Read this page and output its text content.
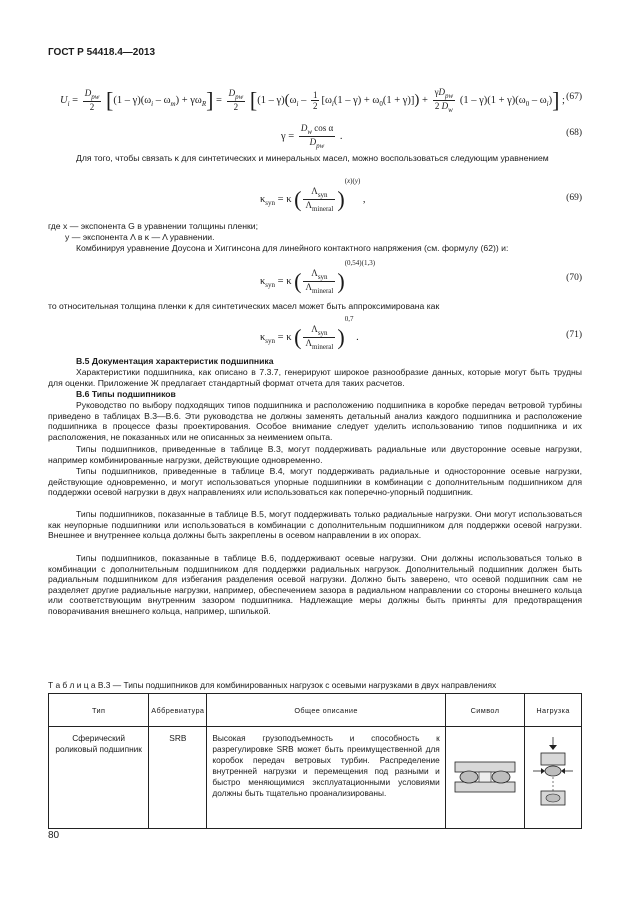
ГОСТ Р 54418.4—2013
$U_i = \frac{D_{pw}}{2} [(1 - \gamma)(\omega_i - \omega_m) + \gamma\omega_R] = \frac{D_{pw}}{2} [(1 - \gamma)(\omega_i - \frac{1}{2} [\omega_i(1 - \gamma) + \omega_0(1 + \gamma)]) + \frac{\gamma D_{pw}}{2 D_w} (1 - \gamma)(1 + \gamma)(\omega_0 - \omega_i)]$ ; (67)
$\gamma = \frac{D_w \cos \alpha}{D_{pw}}$ .	(68)
Для того, чтобы связать κ для синтетических и минеральных масел, можно воспользоваться следующим уравнением
$\kappa_{syn} = \kappa$ ( $\frac{\Lambda_{syn}}{\Lambda_{mineral}} )^{(x)(y)}$ ,	(69)
где x — экспонента G в уравнении толщины пленки;
y — экспонента Λ в κ — Λ уравнении.
Комбинируя уравнение Доусона и Хиггинсона для линейного контактного напряжения (см. формулу (62)) и:
$\kappa_{syn} = \kappa$ ( $\frac{\Lambda_{syn}}{\Lambda_{mineral}} )^{(0,54)(1,3)}$
(70)
то относительная толщина пленки κ для синтетических масел может быть аппроксимирована как
$\kappa_{syn} = \kappa$ ( $\frac{\Lambda_{syn}}{\Lambda_{mineral}} )^{0,7}$ .	(71)
В.5 Документация характеристик подшипника
Характеристики подшипника, как описано в 7.3.7, генерируют широкое разнообразие данных, которые могут быть трудны для оценки. Приложение Ж предлагает стандартный формат отчета для таких расчетов.
В.6 Типы подшипников
Руководство по выбору подходящих типов подшипника и расположению подшипника в коробке передач ветровой турбины приведено в таблицах В.3—В.6. Эти руководства не должны заменять детальный анализ каждого подшипника и расположение подшипника в процессе фазы проектирования. Особое внимание следует уделить использованию типов подшипника и их расположения, не показанных или не описанных за неимением опыта.
Типы подшипников, приведенные в таблице В.3, могут поддерживать радиальные или двусторонние осевые нагрузки, например комбинированные нагрузки, действующие одновременно.
Типы подшипников, приведенные в таблице В.4, могут поддерживать радиальные и односторонние осевые нагрузки, действующие одновременно, и могут использоваться упорные подшипники в комбинации с дополнительным подшипником для поддержки осевой нагрузки в двух направлениях или использоваться как поперечно-упорный подшипник.
Типы подшипников, показанные в таблице В.5, могут поддерживать только радиальные нагрузки. Они могут использоваться как неупорные подшипники или использоваться в комбинации с дополнительным подшипником для поддержки осевой нагрузки. Внешнее и внутреннее кольца должны быть закреплены в осевом направлении в их опорах.
Типы подшипников, показанные в таблице В.6, поддерживают осевые нагрузки. Они должны использоваться только в комбинации с дополнительным подшипником для поддержки радиальных нагрузок. Дополнительный подшипник должен быть радиальным подшипником для избегания разделения осевой нагрузки. Должно быть заверено, что осевой подшипник сам не разделяет другие радиальные нагрузки, например, обеспечением зазора в радиальном направлении со стороны внешнего кольца или соответствующим внутренним зазором подшипника. Надлежащие меры должны быть приняты для предотвращения поворачивания внешнего кольца, например, шпилькой.
Т а б л и ц а В.3 — Типы подшипников для комбинированных нагрузок с осевыми нагрузками в двух направлениях
Тип	Аббревиатура	Общее описание	Символ	Нагрузка
Сферический роликовый подшипник	SRB	Высокая грузоподъемность и способность к разрегулировке SRB может быть преимущественной для коробок передач ветровых турбин. Распределение внутренней нагрузки и перемещения под разными и быстро меняющимися эксплуатационными условиями должны быть тщательно проанализированы.		
80
